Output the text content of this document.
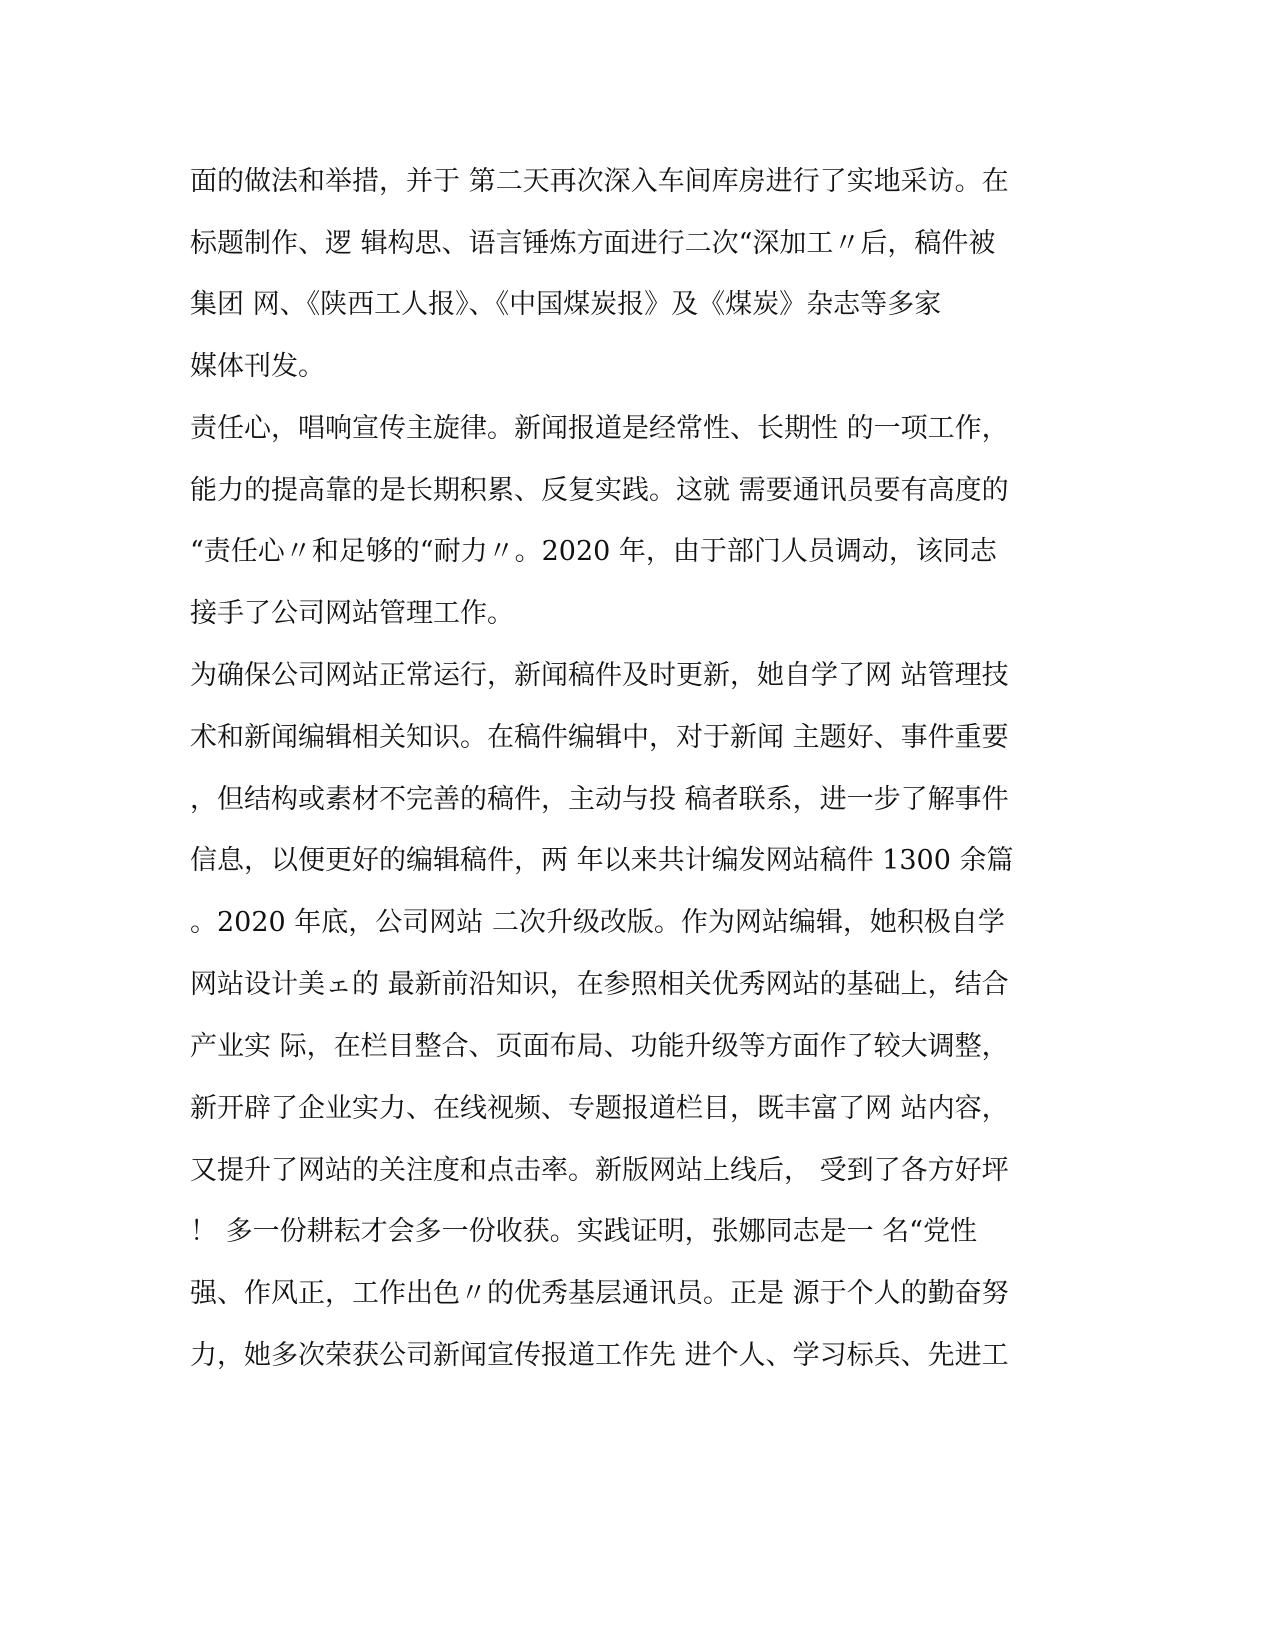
面的做法和举措，并于 第二天再次深入车间库房进行了实地采访。在
标题制作、逻 辑构思、语言锤炼方面进行二次“深加工〃后，稿件被
集团 网、《陕西工人报》、《中国煤炭报》及《煤炭》杂志等多家
媒体刊发。
责任心，唱响宣传主旋律。新闻报道是经常性、长期性 的一项工作，
能力的提高靠的是长期积累、反复实践。这就 需要通讯员要有高度的
“责任心〃和足够的“耐力〃。2020 年，由于部门人员调动，该同志
接手了公司网站管理工作。
为确保公司网站正常运行，新闻稿件及时更新，她自学了网 站管理技
术和新闻编辑相关知识。在稿件编辑中，对于新闻 主题好、事件重要
，但结构或素材不完善的稿件，主动与投 稿者联系，进一步了解事件
信息，以便更好的编辑稿件，两 年以来共计编发网站稿件 1300 余篇
。2020 年底，公司网站 二次升级改版。作为网站编辑，她积极自学
网站设计美ェ的 最新前沿知识，在参照相关优秀网站的基础上，结合
产业实 际，在栏目整合、页面布局、功能升级等方面作了较大调整，
新开辟了企业实力、在线视频、专题报道栏目，既丰富了网 站内容，
又提升了网站的关注度和点击率。新版网站上线后， 受到了各方好坪
！ 多一份耕耘才会多一份收获。实践证明，张娜同志是一 名“党性
强、作风正，工作出色〃的优秀基层通讯员。正是 源于个人的勤奋努
力，她多次荣获公司新闻宣传报道工作先 进个人、学习标兵、先进工
